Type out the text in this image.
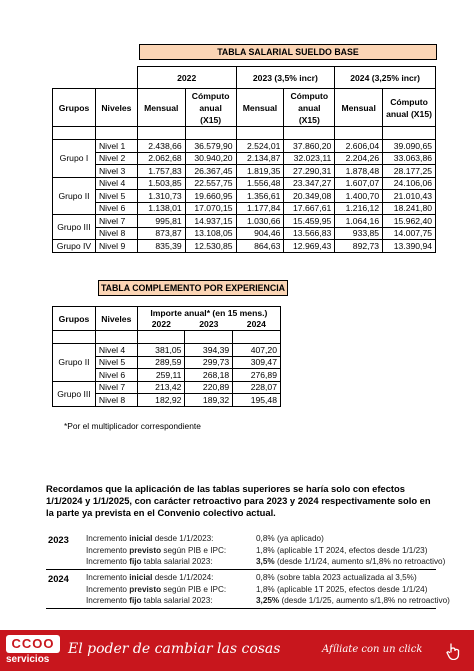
TABLA SALARIAL SUELDO BASE
		2022		2023 (3,5% incr)		2024 (3,25% incr)	
Grupos	Niveles	Mensual	Cómputo anual (X15)	Mensual	Cómputo anual (X15)	Mensual	Cómputo anual (X15)

Grupo I	Nivel 1	2.438,66	36.579,90	2.524,01	37.860,20	2.606,04	39.090,65
	Nivel 2	2.062,68	30.940,20	2.134,87	32.023,11	2.204,26	33.063,86
	Nivel 3	1.757,83	26.367,45	1.819,35	27.290,31	1.878,48	28.177,25
Grupo II	Nivel 4	1.503,85	22.557,75	1.556,48	23.347,27	1.607,07	24.106,06
	Nivel 5	1.310,73	19.660,95	1.356,61	20.349,08	1.400,70	21.010,43
	Nivel 6	1.138,01	17.070,15	1.177,84	17.667,61	1.216,12	18.241,80
Grupo III	Nivel 7	995,81	14.937,15	1.030,66	15.459,95	1.064,16	15.962,40
	Nivel 8	873,87	13.108,05	904,46	13.566,83	933,85	14.007,75
Grupo IV	Nivel 9	835,39	12.530,85	864,63	12.969,43	892,73	13.390,94
TABLA COMPLEMENTO POR EXPERIENCIA
Grupos	Niveles	Importe anual* (en 15 mens.)		
		2022	2023	2024

Grupo II	Nivel 4	381,05	394,39	407,20
	Nivel 5	289,59	299,73	309,47
	Nivel 6	259,11	268,18	276,89
Grupo III	Nivel 7	213,42	220,89	228,07
	Nivel 8	182,92	189,32	195,48
*Por el multiplicador correspondiente
Recordamos que la aplicación de las tablas superiores se haría solo con efectos 1/1/2024 y 1/1/2025, con carácter retroactivo para 2023 y 2024 respectivamente solo en la parte ya prevista en el Convenio colectivo actual.
2023 Incremento inicial desde 1/1/2023:	0,8% (ya aplicado)
Incremento previsto según PIB e IPC:	1,8% (aplicable 1T 2024, efectos desde 1/1/23)
Incremento fijo tabla salarial 2023:	3,5% (desde 1/1/24, aumento s/1,8% no retroactivo)
2024 Incremento inicial desde 1/1/2024:	0,8% (sobre tabla 2023 actualizada al 3,5%)
Incremento previsto según PIB e IPC:	1,8% (aplicable 1T 2025, efectos desde 1/1/24)
Incremento fijo tabla salarial 2023:	3,25% (desde 1/1/25, aumento s/1,8% no retroactivo)
CCOO
servicios
El poder de cambiar las cosas	Afíliate con un click
